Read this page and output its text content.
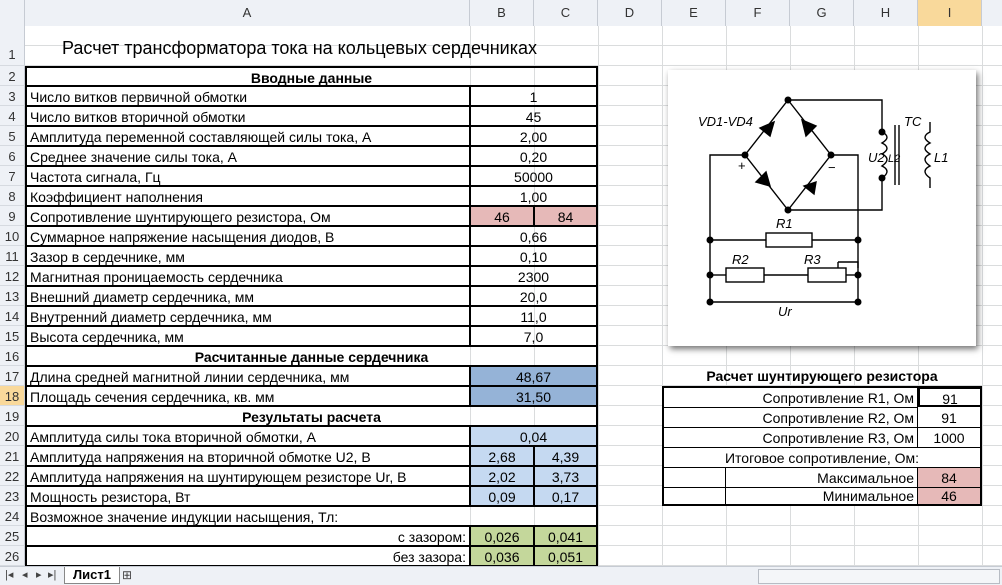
A	B	C	D	E	F	G	H	I
1
2
3
4
5
6
7
8
9
10
11
12
13
14
15
16
17
18
19
20
21
22
23
24
25
26
Расчет трансформатора тока на кольцевых сердечниках
Вводные данные
Число витков первичной обмотки	1
Число витков вторичной обмотки	45
Амплитуда переменной составляющей силы тока, А	2,00
Среднее значение силы тока, А	0,20
Частота сигнала, Гц	50000
Коэффициент наполнения	1,00
Сопротивление шунтирующего резистора, Ом	46	84
Суммарное напряжение насыщения диодов, В	0,66
Зазор в сердечнике, мм	0,10
Магнитная проницаемость сердечника	2300
Внешний диаметр сердечника, мм	20,0
Внутренний диаметр сердечника, мм	11,0
Высота сердечника, мм	7,0
Расчитанные данные сердечника
Длина средней магнитной линии сердечника, мм	48,67
Площадь сечения сердечника, кв. мм	31,50
Результаты расчета
Амплитуда силы тока вторичной обмотки, А	0,04
Амплитуда напряжения на вторичной обмотке U2, В	2,68	4,39
Амплитуда напряжения на шунтирующем резисторе Ur, В	2,02	3,73
Мощность резистора, Вт	0,09	0,17
Возможное значение индукции насыщения, Тл:
с зазором:	0,026	0,041
без зазора:	0,036	0,051
VD1-VD4
+	−
TC
U2 L2	L1
R1
R2	R3
Ur
Расчет шунтирующего резистора
Сопротивление R1, Ом	91
Сопротивление R2, Ом	91
Сопротивление R3, Ом	1000
Итоговое сопротивление, Ом:
Максимальное	84
Минимальное	46
|◂ ◂ ▸ ▸|	Лист1 ⊞
